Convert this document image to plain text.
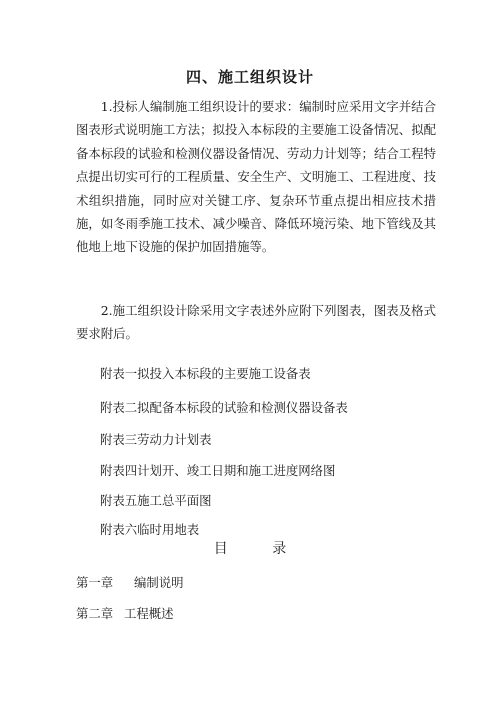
四、施工组织设计

1.投标人编制施工组织设计的要求：编制时应采用文字并结合图表形式说明施工方法；拟投入本标段的主要施工设备情况、拟配备本标段的试验和检测仪器设备情况、劳动力计划等；结合工程特点提出切实可行的工程质量、安全生产、文明施工、工程进度、技术组织措施，同时应对关键工序、复杂环节重点提出相应技术措施，如冬雨季施工技术、减少噪音、降低环境污染、地下管线及其他地上地下设施的保护加固措施等。

2.施工组织设计除采用文字表述外应附下列图表，图表及格式要求附后。

附表一拟投入本标段的主要施工设备表

附表二拟配备本标段的试验和检测仪器设备表

附表三劳动力计划表

附表四计划开、竣工日期和施工进度网络图

附表五施工总平面图

附表六临时用地表

目 录

第一章	编制说明

第二章 工程概述
